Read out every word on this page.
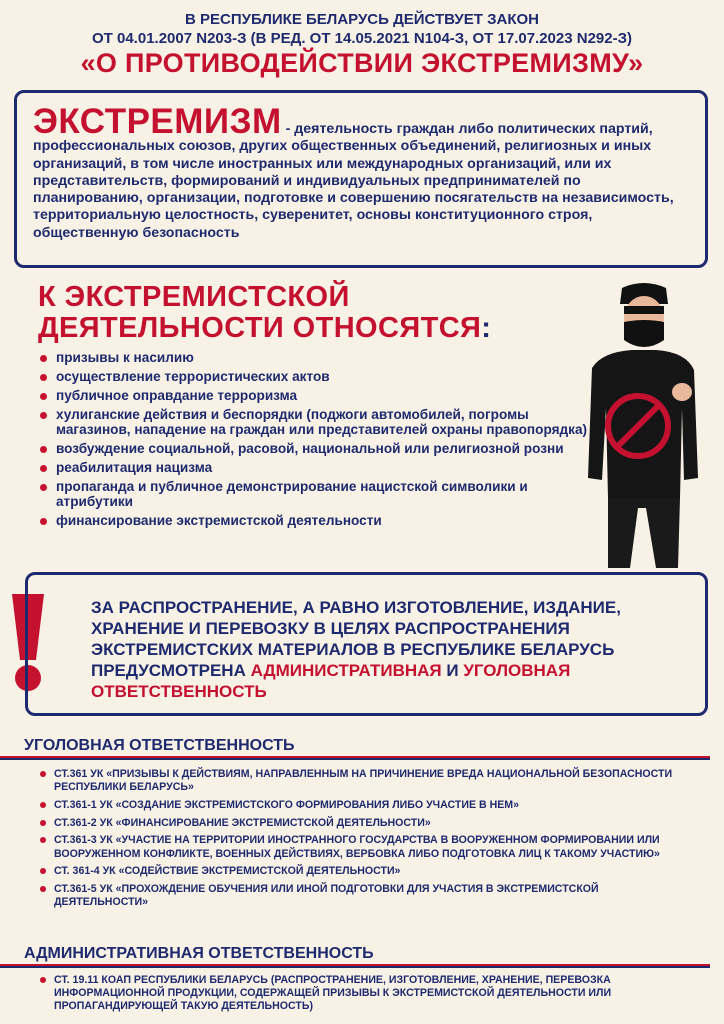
В РЕСПУБЛИКЕ БЕЛАРУСЬ ДЕЙСТВУЕТ ЗАКОН
ОТ 04.01.2007 N203-З (В РЕД. ОТ 14.05.2021 N104-З, ОТ 17.07.2023 N292-З)
«О ПРОТИВОДЕЙСТВИИ ЭКСТРЕМИЗМУ»
ЭКСТРЕМИЗМ - деятельность граждан либо политических партий, профессиональных союзов, других общественных объединений, религиозных и иных организаций, в том числе иностранных или международных организаций, или их представительств, формирований и индивидуальных предпринимателей по планированию, организации, подготовке и совершению посягательств на независимость, территориальную целостность, суверенитет, основы конституционного строя, общественную безопасность
К ЭКСТРЕМИСТСКОЙ
ДЕЯТЕЛЬНОСТИ ОТНОСЯТСЯ:
призывы к насилию
осуществление террористических актов
публичное оправдание терроризма
хулиганские действия и беспорядки (поджоги автомобилей, погромы магазинов, нападение на граждан или представителей охраны правопорядка)
возбуждение социальной, расовой, национальной или религиозной розни
реабилитация нацизма
пропаганда и публичное демонстрирование нацистской символики и атрибутики
финансирование экстремистской деятельности
ЗА РАСПРОСТРАНЕНИЕ, А РАВНО ИЗГОТОВЛЕНИЕ, ИЗДАНИЕ, ХРАНЕНИЕ И ПЕРЕВОЗКУ В ЦЕЛЯХ РАСПРОСТРАНЕНИЯ ЭКСТРЕМИСТСКИХ МАТЕРИАЛОВ В РЕСПУБЛИКЕ БЕЛАРУСЬ ПРЕДУСМОТРЕНА АДМИНИСТРАТИВНАЯ И УГОЛОВНАЯ ОТВЕТСТВЕННОСТЬ
УГОЛОВНАЯ ОТВЕТСТВЕННОСТЬ
СТ.361 УК «ПРИЗЫВЫ К ДЕЙСТВИЯМ, НАПРАВЛЕННЫМ НА ПРИЧИНЕНИЕ ВРЕДА НАЦИОНАЛЬНОЙ БЕЗОПАСНОСТИ РЕСПУБЛИКИ БЕЛАРУСЬ»
СТ.361-1 УК «СОЗДАНИЕ ЭКСТРЕМИСТСКОГО ФОРМИРОВАНИЯ ЛИБО УЧАСТИЕ В НЕМ»
СТ.361-2 УК «ФИНАНСИРОВАНИЕ ЭКСТРЕМИСТСКОЙ ДЕЯТЕЛЬНОСТИ»
СТ.361-3 УК «УЧАСТИЕ НА ТЕРРИТОРИИ ИНОСТРАННОГО ГОСУДАРСТВА В ВООРУЖЕННОМ ФОРМИРОВАНИИ ИЛИ ВООРУЖЕННОМ КОНФЛИКТЕ, ВОЕННЫХ ДЕЙСТВИЯХ, ВЕРБОВКА ЛИБО ПОДГОТОВКА ЛИЦ К ТАКОМУ УЧАСТИЮ»
СТ. 361-4 УК «СОДЕЙСТВИЕ ЭКСТРЕМИСТСКОЙ ДЕЯТЕЛЬНОСТИ»
СТ.361-5 УК «ПРОХОЖДЕНИЕ ОБУЧЕНИЯ ИЛИ ИНОЙ ПОДГОТОВКИ ДЛЯ УЧАСТИЯ В ЭКСТРЕМИСТСКОЙ ДЕЯТЕЛЬНОСТИ»
АДМИНИСТРАТИВНАЯ ОТВЕТСТВЕННОСТЬ
СТ. 19.11 КОАП РЕСПУБЛИКИ БЕЛАРУСЬ (РАСПРОСТРАНЕНИЕ, ИЗГОТОВЛЕНИЕ, ХРАНЕНИЕ, ПЕРЕВОЗКА ИНФОРМАЦИОННОЙ ПРОДУКЦИИ, СОДЕРЖАЩЕЙ ПРИЗЫВЫ К ЭКСТРЕМИСТСКОЙ ДЕЯТЕЛЬНОСТИ ИЛИ ПРОПАГАНДИРУЮЩЕЙ ТАКУЮ ДЕЯТЕЛЬНОСТЬ)
